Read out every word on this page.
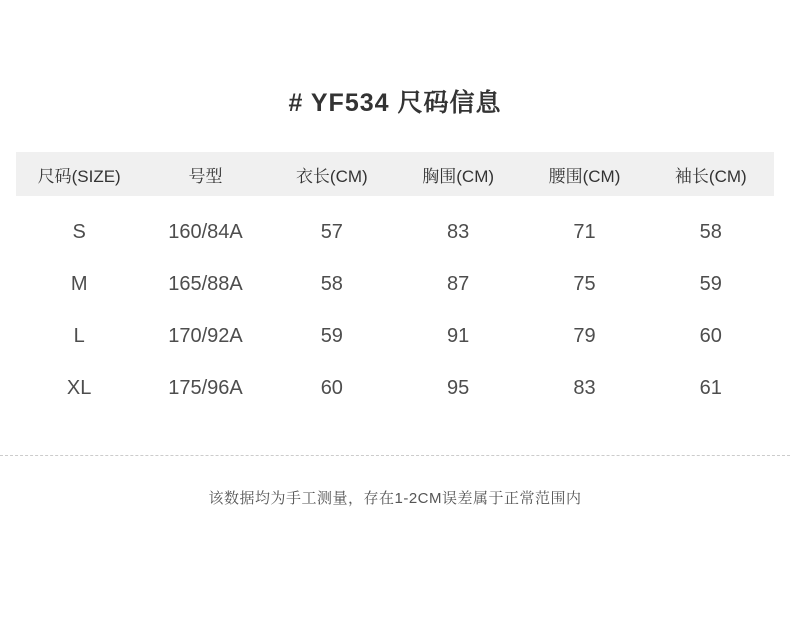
# YF534 尺码信息
尺码(SIZE)	号型	衣长(CM)	胸围(CM)	腰围(CM)	袖长(CM)
S	160/84A	57	83	71	58
M	165/88A	58	87	75	59
L	170/92A	59	91	79	60
XL	175/96A	60	95	83	61
该数据均为手工测量，存在1-2CM误差属于正常范围内
